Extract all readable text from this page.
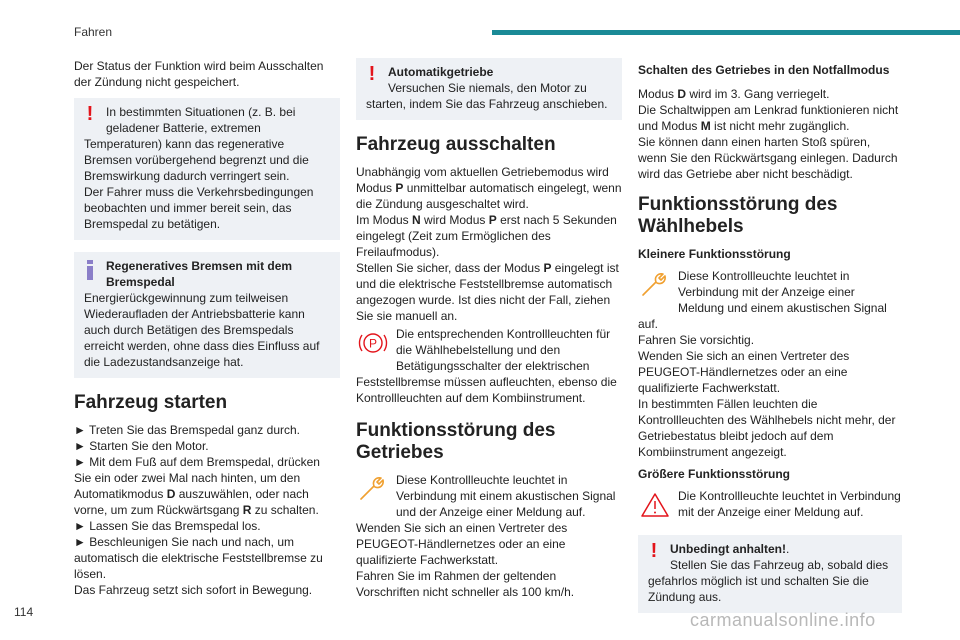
Fahren

Der Status der Funktion wird beim Ausschalten der Zündung nicht gespeichert.

!	In bestimmten Situationen (z. B. bei geladener Batterie, extremen Temperaturen) kann das regenerative Bremsen vorübergehend begrenzt und die Bremswirkung dadurch verringert sein.

Der Fahrer muss die Verkehrsbedingungen beobachten und immer bereit sein, das Bremspedal zu betätigen.

Regeneratives Bremsen mit dem Bremspedal

Energierückgewinnung zum teilweisen Wiederaufladen der Antriebsbatterie kann auch durch Betätigen des Bremspedals erreicht werden, ohne dass dies Einfluss auf die Ladezustandsanzeige hat.

Fahrzeug starten

► Treten Sie das Bremspedal ganz durch.

► Starten Sie den Motor.

► Mit dem Fuß auf dem Bremspedal, drücken Sie ein oder zwei Mal nach hinten, um den Automatikmodus D auszuwählen, oder nach vorne, um zum Rückwärtsgang R zu schalten.

► Lassen Sie das Bremspedal los.

► Beschleunigen Sie nach und nach, um automatisch die elektrische Feststellbremse zu lösen.

Das Fahrzeug setzt sich sofort in Bewegung.

!	Automatikgetriebe

Versuchen Sie niemals, den Motor zu starten, indem Sie das Fahrzeug anschieben.

Fahrzeug ausschalten

Unabhängig vom aktuellen Getriebemodus wird Modus P unmittelbar automatisch eingelegt, wenn die Zündung ausgeschaltet wird.

Im Modus N wird Modus P erst nach 5 Sekunden eingelegt (Zeit zum Ermöglichen des Freilaufmodus).

Stellen Sie sicher, dass der Modus P eingelegt ist und die elektrische Feststellbremse automatisch angezogen wurde. Ist dies nicht der Fall, ziehen Sie sie manuell an.

P

Die entsprechenden Kontrollleuchten für die Wählhebelstellung und den Betätigungsschalter der elektrischen Feststellbremse müssen aufleuchten, ebenso die Kontrollleuchten auf dem Kombiinstrument.

Funktionsstörung des Getriebes

Diese Kontrollleuchte leuchtet in Verbindung mit einem akustischen Signal und der Anzeige einer Meldung auf.

Wenden Sie sich an einen Vertreter des PEUGEOT-Händlernetzes oder an eine qualifizierte Fachwerkstatt.

Fahren Sie im Rahmen der geltenden Vorschriften nicht schneller als 100 km/h.

Schalten des Getriebes in den Notfallmodus

Modus D wird im 3. Gang verriegelt.

Die Schaltwippen am Lenkrad funktionieren nicht und Modus M ist nicht mehr zugänglich.

Sie können dann einen harten Stoß spüren, wenn Sie den Rückwärtsgang einlegen. Dadurch wird das Getriebe aber nicht beschädigt.

Funktionsstörung des Wählhebels
Kleinere Funktionsstörung

Diese Kontrollleuchte leuchtet in Verbindung mit der Anzeige einer Meldung und einem akustischen Signal auf.

Fahren Sie vorsichtig.

Wenden Sie sich an einen Vertreter des PEUGEOT-Händlernetzes oder an eine qualifizierte Fachwerkstatt.

In bestimmten Fällen leuchten die Kontrollleuchten des Wählhebels nicht mehr, der Getriebestatus bleibt jedoch auf dem Kombiinstrument angezeigt.

Größere Funktionsstörung

Die Kontrollleuchte leuchtet in Verbindung mit der Anzeige einer Meldung auf.

!	Unbedingt anhalten!.

Stellen Sie das Fahrzeug ab, sobald dies gefahrlos möglich ist und schalten Sie die Zündung aus.

114	carmanualsonline.info
